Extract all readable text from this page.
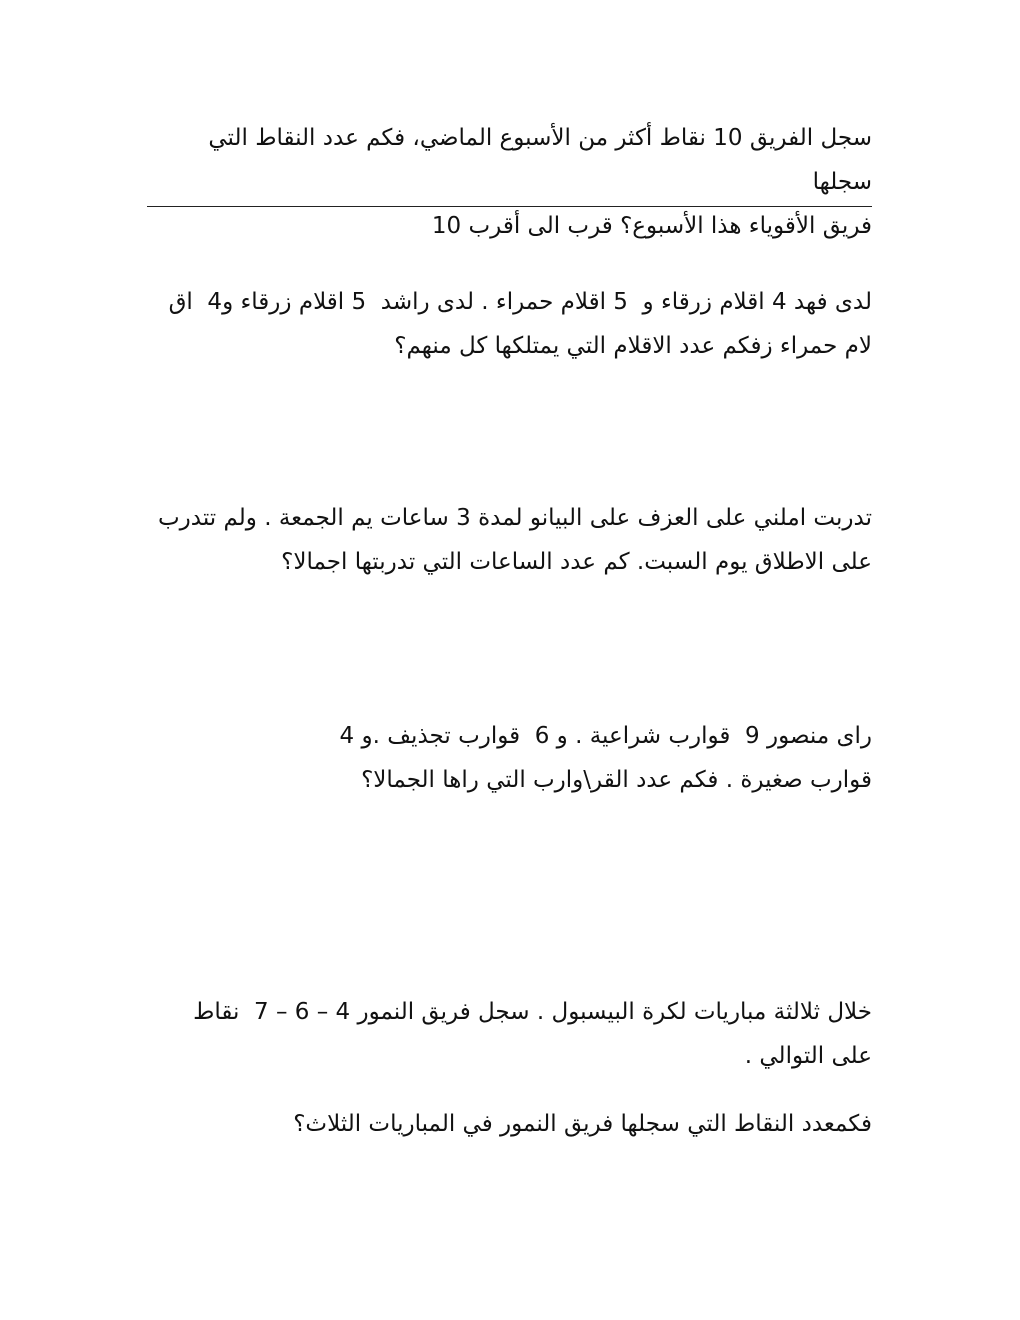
سجل الفريق 10 نقاط أكثر من الأسبوع الماضي، فكم عدد النقاط التي سجلها

فريق الأقوياء هذا الأسبوع؟ قرب الى أقرب 10

لدى فهد 4 اقلام زرقاء و  5 اقلام حمراء . لدى راشد  5 اقلام زرقاء و4  اق

لام حمراء زفكم عدد الاقلام التي يمتلكها كل منهم؟

تدربت املني على العزف على البيانو لمدة 3 ساعات يم الجمعة . ولم تتدرب

على الاطلاق يوم السبت. كم عدد الساعات التي تدربتها اجمالا؟

راى منصور 9  قوارب شراعية . و 6  قوارب تجذيف .و 4

قوارب صغيرة . فكم عدد القر\وارب التي راها الجمالا؟

خلال ثلالثة مباريات لكرة البيسبول . سجل فريق النمور 4 – 6 – 7  نقاط

على التوالي .

فكمعدد النقاط التي سجلها فريق النمور في المباريات الثلاث؟
